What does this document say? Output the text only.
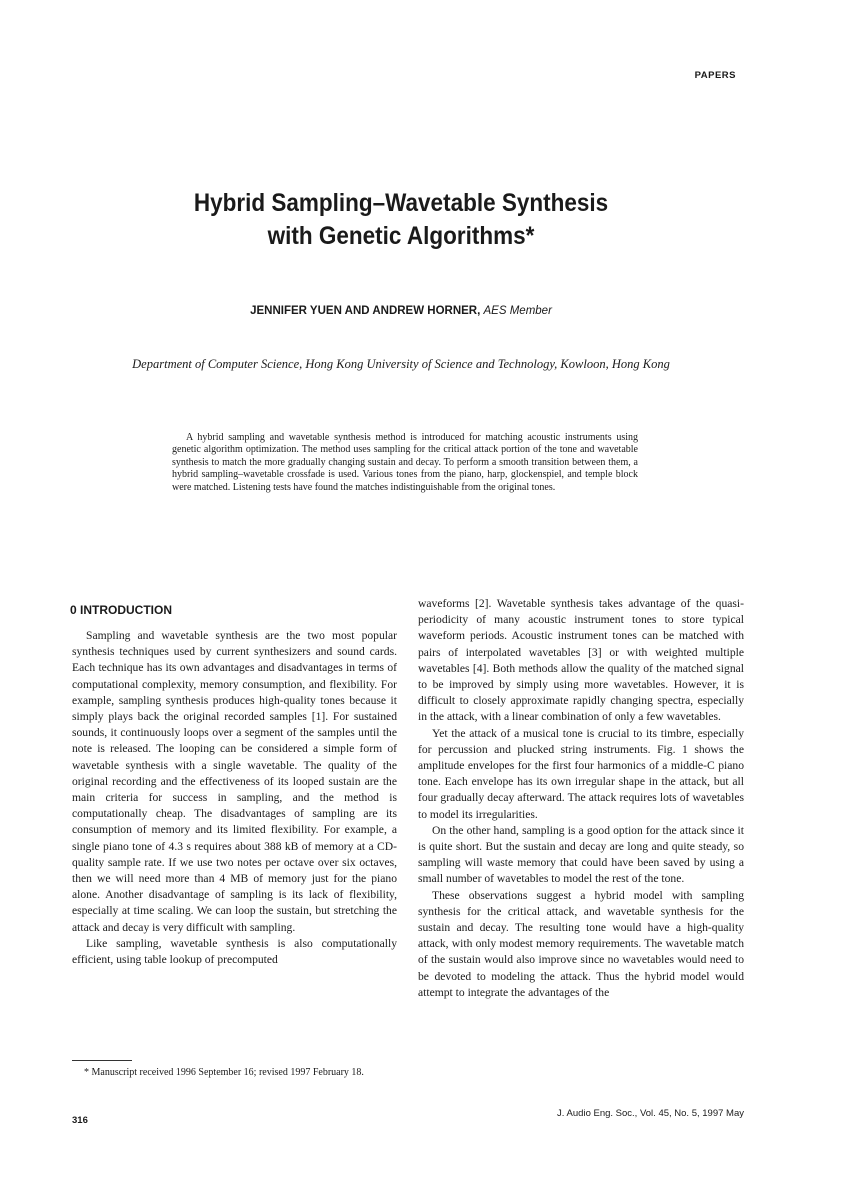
PAPERS
Hybrid Sampling–Wavetable Synthesis
with Genetic Algorithms*
JENNIFER YUEN AND ANDREW HORNER, AES Member
Department of Computer Science, Hong Kong University of Science and Technology, Kowloon, Hong Kong
A hybrid sampling and wavetable synthesis method is introduced for matching acoustic instruments using genetic algorithm optimization. The method uses sampling for the critical attack portion of the tone and wavetable synthesis to match the more gradually changing sustain and decay. To perform a smooth transition between them, a hybrid sampling–wavetable crossfade is used. Various tones from the piano, harp, glockenspiel, and temple block were matched. Listening tests have found the matches indistinguishable from the original tones.
0 INTRODUCTION

Sampling and wavetable synthesis are the two most popular synthesis techniques used by current synthesizers and sound cards. Each technique has its own advantages and disadvantages in terms of computational complexity, memory consumption, and flexibility. For example, sampling synthesis produces high-quality tones because it simply plays back the original recorded samples [1]. For sustained sounds, it continuously loops over a segment of the samples until the note is released. The looping can be considered a simple form of wavetable synthesis with a single wavetable. The quality of the original recording and the effectiveness of its looped sustain are the main criteria for success in sampling, and the method is computationally cheap. The disadvantages of sampling are its consumption of memory and its limited flexibility. For example, a single piano tone of 4.3 s requires about 388 kB of memory at a CD-quality sample rate. If we use two notes per octave over six octaves, then we will need more than 4 MB of memory just for the piano alone. Another disadvantage of sampling is its lack of flexibility, especially at time scaling. We can loop the sustain, but stretching the attack and decay is very difficult with sampling.

Like sampling, wavetable synthesis is also computationally efficient, using table lookup of precomputed

waveforms [2]. Wavetable synthesis takes advantage of the quasi-periodicity of many acoustic instrument tones to store typical waveform periods. Acoustic instrument tones can be matched with pairs of interpolated wavetables [3] or with weighted multiple wavetables [4]. Both methods allow the quality of the matched signal to be improved by simply using more wavetables. However, it is difficult to closely approximate rapidly changing spectra, especially in the attack, with a linear combination of only a few wavetables.

Yet the attack of a musical tone is crucial to its timbre, especially for percussion and plucked string instruments. Fig. 1 shows the amplitude envelopes for the first four harmonics of a middle-C piano tone. Each envelope has its own irregular shape in the attack, but all four gradually decay afterward. The attack requires lots of wavetables to model its irregularities.

On the other hand, sampling is a good option for the attack since it is quite short. But the sustain and decay are long and quite steady, so sampling will waste memory that could have been saved by using a small number of wavetables to model the rest of the tone.

These observations suggest a hybrid model with sampling synthesis for the critical attack, and wavetable synthesis for the sustain and decay. The resulting tone would have a high-quality attack, with only modest memory requirements. The wavetable match of the sustain would also improve since no wavetables would need to be devoted to modeling the attack. Thus the hybrid model would attempt to integrate the advantages of the

* Manuscript received 1996 September 16; revised 1997 February 18.
316
J. Audio Eng. Soc., Vol. 45, No. 5, 1997 May
